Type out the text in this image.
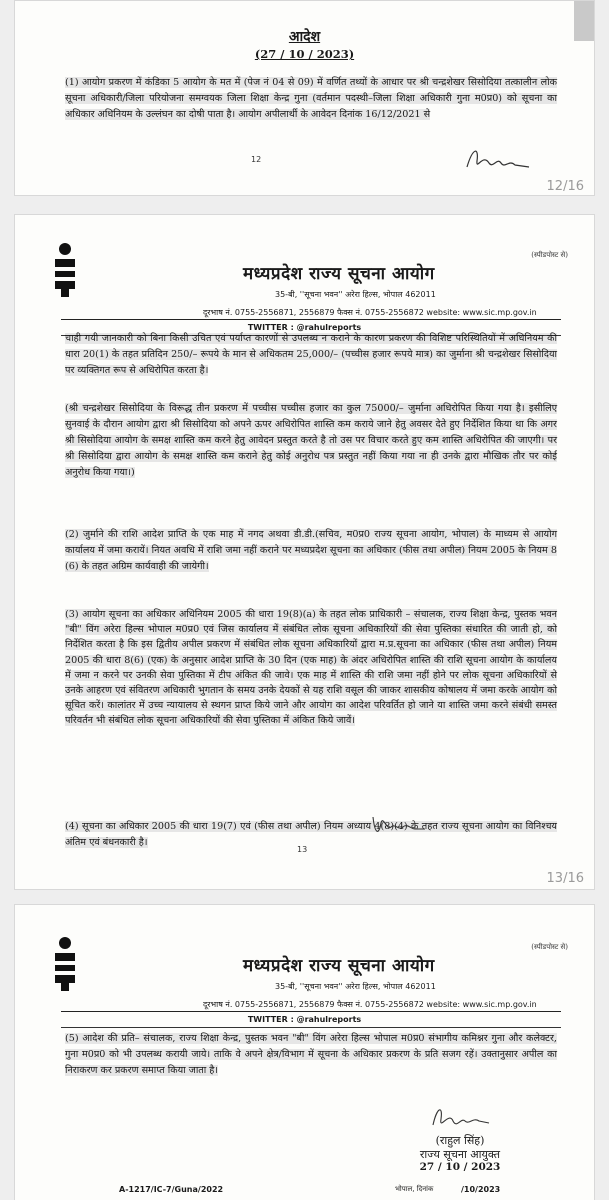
आदेश
(27 / 10 / 2023)
(1) आयोग प्रकरण में कंडिका 5 आयोग के मत में (पेज नं 04 से 09) में वर्णित तथ्यों के आधार पर श्री चन्द्रशेखर सिसोदिया तत्कालीन लोक सूचना अधिकारी/जिला परियोजना समग्वयक जिला शिक्षा केन्द्र गुना (वर्तमान पदस्थी–जिला शिक्षा अधिकारी गुना म0प्र0) को सूचना का अधिकार अधिनियम के उल्लंघन का दोषी पाता है। आयोग अपीलार्थी के आवेदन दिनांक 16/12/2021 से
12
12/16
मध्यप्रदेश राज्य सूचना आयोग
(स्पीडपोस्ट से)
35-बी, ''सूचना भवन'' अरेरा हिल्स, भोपाल 462011
दूरभाष नं. 0755-2556871, 2556879 फैक्स नं. 0755-2556872 website: www.sic.mp.gov.in
TWITTER : @rahulreports
चाही गयी जानकारी को बिना किसी उचित एवं पर्याप्त कारणों से उपलब्ध न कराने के कारण प्रकरण की विशिष्ट परिस्थितियों में अधिनियम की धारा 20(1) के तहत प्रतिदिन 250/– रूपये के मान से अधिकतम 25,000/– (पच्चीस हजार रूपये मात्र) का जुर्माना श्री चन्द्रशेखर सिसोदिया पर व्यक्तिगत रूप से अधिरोपित करता है।
(श्री चन्द्रशेखर सिसोदिया के विरूद्ध तीन प्रकरण में पच्चीस पच्चीस हजार का कुल 75000/– जुर्माना अधिरोपित किया गया है। इसीलिए सुनवाई के दौरान आयोग द्वारा श्री सिसोदिया को अपने ऊपर अधिरोपित शास्ति कम कराये जाने हेतु अवसर देते हुए निर्देशित किया था कि अगर श्री सिसोदिया आयोग के समक्ष शास्ति कम करने हेतु आवेदन प्रस्तुत करते है तो उस पर विचार करते हुए कम शास्ति अधिरोपित की जाएगी। पर श्री सिसोदिया द्वारा आयोग के समक्ष शास्ति कम कराने हेतु कोई अनुरोध पत्र प्रस्तुत नहीं किया गया ना ही उनके द्वारा मौखिक तौर पर कोई अनुरोध किया गया।)
(2) जुर्माने की राशि आदेश प्राप्ति के एक माह में नगद अथवा डी.डी.(सचिव, म0प्र0 राज्य सूचना आयोग, भोपाल) के माध्यम से आयोग कार्यालय में जमा करायें। नियत अवधि में राशि जमा नहीं कराने पर मध्यप्रदेश सूचना का अधिकार (फीस तथा अपील) नियम 2005 के नियम 8 (6) के तहत अग्रिम कार्यवाही की जायेगी।
(3) आयोग सूचना का अधिकार अधिनियम 2005 की धारा 19(8)(a) के तहत लोक प्राधिकारी – संचालक, राज्य शिक्षा केन्द्र, पुस्तक भवन "बी" विंग अरेरा हिल्स भोपाल म0प्र0 एवं जिस कार्यालय में संबंधित लोक सूचना अधिकारियों की सेवा पुस्तिका संधारित की जाती हो, को निर्देशित करता है कि इस द्वितीय अपील प्रकरण में संबंधित लोक सूचना अधिकारियों द्वारा म.प्र.सूचना का अधिकार (फीस तथा अपील) नियम 2005 की धारा 8(6) (एक) के अनुसार आदेश प्राप्ति के 30 दिन (एक माह) के अंदर अधिरोपित शास्ति की राशि सूचना आयोग के कार्यालय में जमा न करने पर उनकी सेवा पुस्तिका में टीप अंकित की जावे। एक माह में शास्ति की राशि जमा नहीं होने पर लोक सूचना अधिकारियों से उनके आहरण एवं संवितरण अधिकारी भुगतान के समय उनके देयकों से यह राशि वसूल की जाकर शासकीय कोषालय में जमा करके आयोग को सूचित करें। कालांतर में उच्च न्यायालय से स्थगन प्राप्त किये जाने और आयोग का आदेश परिवर्तित हो जाने या शास्ति जमा करने संबंधी समस्त परिवर्तन भी संबंधित लोक सूचना अधिकारियों की सेवा पुस्तिका में अंकित किये जावें।
(4) सूचना का अधिकार 2005 की धारा 19(7) एवं (फीस तथा अपील) नियम अध्याय 4(8)(4) के तहत राज्य सूचना आयोग का विनिश्चय अंतिम एवं बंधनकारी है।
13
13/16
मध्यप्रदेश राज्य सूचना आयोग
(स्पीडपोस्ट से)
35-बी, ''सूचना भवन'' अरेरा हिल्स, भोपाल 462011
दूरभाष नं. 0755-2556871, 2556879 फैक्स नं. 0755-2556872 website: www.sic.mp.gov.in
TWITTER : @rahulreports
(5) आदेश की प्रति– संचालक, राज्य शिक्षा केन्द्र, पुस्तक भवन "बी" विंग अरेरा हिल्स भोपाल म0प्र0 संभागीय कमिश्नर गुना और कलेक्टर, गुना म0प्र0 को भी उपलब्ध करायी जाये। ताकि वे अपने क्षेत्र/विभाग में सूचना के अधिकार प्रकरण के प्रति सजग रहें। उक्तानुसार अपील का निराकरण कर प्रकरण समाप्त किया जाता है।
(राहुल सिंह)
राज्य सूचना आयुक्त
27 / 10 / 2023
A-1217/IC-7/Guna/2022	भोपाल, दिनांक	/10/2023
